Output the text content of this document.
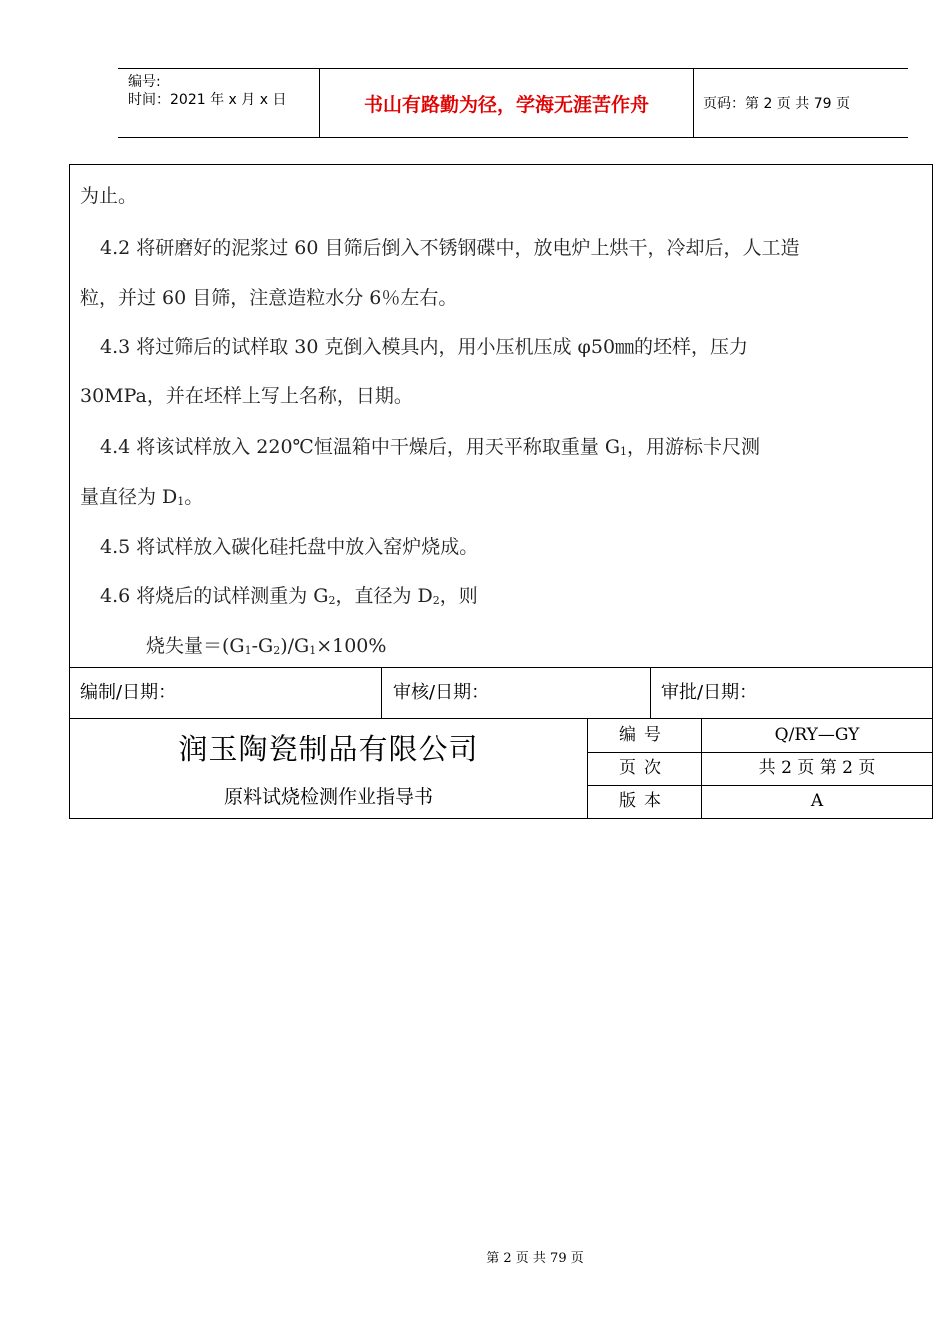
编号:
时间：2021 年 x 月 x 日	书山有路勤为径，学海无涯苦作舟	页码：第 2 页 共 79 页
为止。
4.2 将研磨好的泥浆过 60 目筛后倒入不锈钢碟中，放电炉上烘干，冷却后，人工造
粒，并过 60 目筛，注意造粒水分 6％左右。
4.3 将过筛后的试样取 30 克倒入模具内，用小压机压成 φ50㎜的坯样，压力
30MPa，并在坯样上写上名称，日期。
4.4 将该试样放入 220℃恒温箱中干燥后，用天平称取重量 $G_1$，用游标卡尺测
量直径为 $D_1$。
4.5 将试样放入碳化硅托盘中放入窑炉烧成。
4.6 将烧后的试样测重为 $G_2$，直径为 $D_2$，则
烧失量$=(G_1-G_2)/G_1\times 100\%$
编制/日期：	审核/日期：	审批/日期：
润玉陶瓷制品有限公司
原料试烧检测作业指导书
编号	Q/RY—GY
页次	共 2 页 第 2 页
版本	A
第 2 页 共 79 页
